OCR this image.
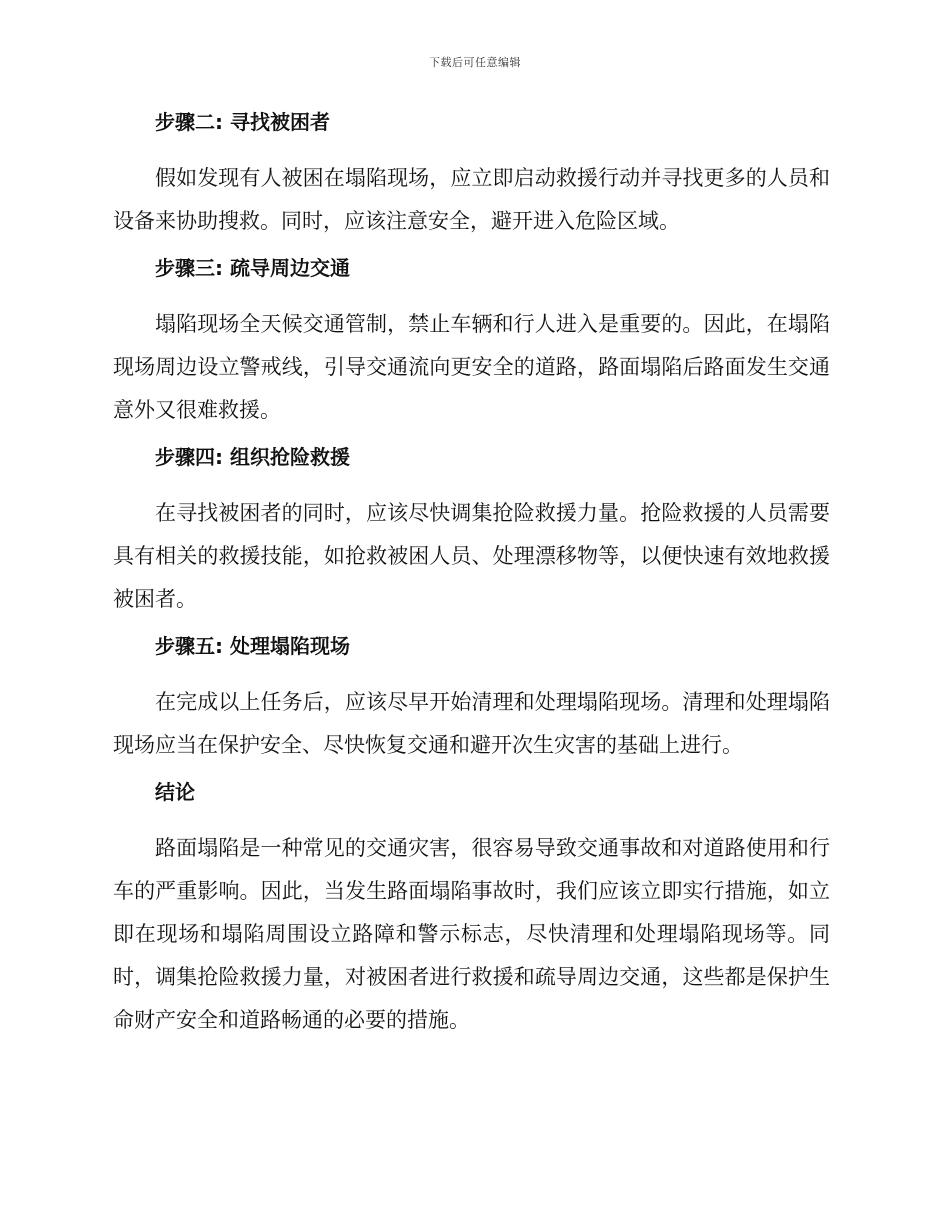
下载后可任意编辑
步骤二: 寻找被困者

假如发现有人被困在塌陷现场，应立即启动救援行动并寻找更多的人员和设备来协助搜救。同时，应该注意安全，避开进入危险区域。

步骤三: 疏导周边交通

塌陷现场全天候交通管制，禁止车辆和行人进入是重要的。因此，在塌陷现场周边设立警戒线，引导交通流向更安全的道路，路面塌陷后路面发生交通意外又很难救援。

步骤四: 组织抢险救援

在寻找被困者的同时，应该尽快调集抢险救援力量。抢险救援的人员需要具有相关的救援技能，如抢救被困人员、处理漂移物等，以便快速有效地救援被困者。

步骤五: 处理塌陷现场

在完成以上任务后，应该尽早开始清理和处理塌陷现场。清理和处理塌陷现场应当在保护安全、尽快恢复交通和避开次生灾害的基础上进行。

结论

路面塌陷是一种常见的交通灾害，很容易导致交通事故和对道路使用和行车的严重影响。因此，当发生路面塌陷事故时，我们应该立即实行措施，如立即在现场和塌陷周围设立路障和警示标志，尽快清理和处理塌陷现场等。同时，调集抢险救援力量，对被困者进行救援和疏导周边交通，这些都是保护生命财产安全和道路畅通的必要的措施。
